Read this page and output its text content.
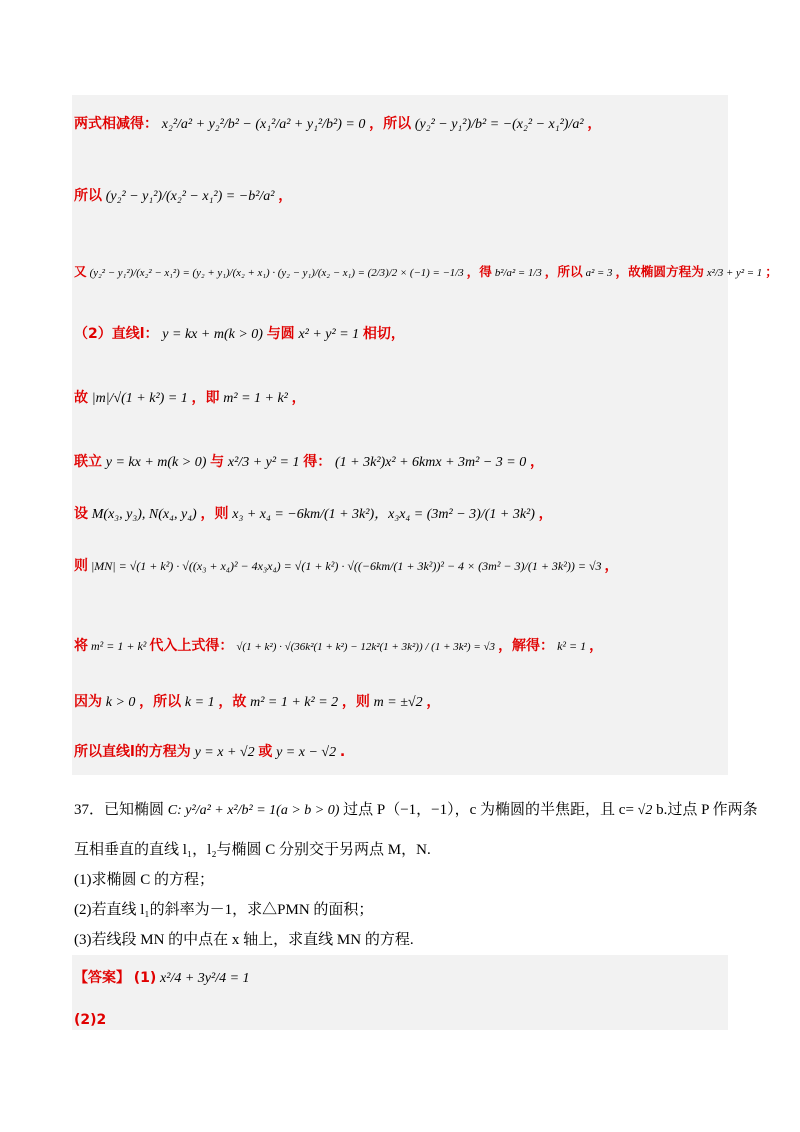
两式相减得： x₂²/a² + y₂²/b² − (x₁²/a² + y₁²/b²) = 0 ，所以 (y₂² − y₁²)/b² = −(x₂² − x₁²)/a² ，
所以 (y₂² − y₁²)/(x₂² − x₁²) = −b²/a² ，
又 (y₂² − y₁²)/(x₂² − x₁²) = (y₂ + y₁)/(x₂ + x₁) · (y₂ − y₁)/(x₂ − x₁) = (2/3)/2 × (−1) = −1/3 ，得 b²/a² = 1/3 ，所以 a² = 3 ，故椭圆方程为 x²/3 + y² = 1 ；
（2）直线l： y = kx + m(k > 0) 与圆 x² + y² = 1 相切，
故 |m|/√(1 + k²) = 1 ，即 m² = 1 + k² ，
联立 y = kx + m(k > 0) 与 x²/3 + y² = 1 得： (1 + 3k²)x² + 6kmx + 3m² − 3 = 0 ，
设 M(x₃, y₃), N(x₄, y₄) ，则 x₃ + x₄ = −6km/(1 + 3k²)，x₃x₄ = (3m² − 3)/(1 + 3k²) ，
则 |MN| = √(1 + k²) · √((x₃ + x₄)² − 4x₃x₄) = √(1 + k²) · √((−6km/(1 + 3k²))² − 4 × (3m² − 3)/(1 + 3k²)) = √3 ，
将 m² = 1 + k² 代入上式得： √(1 + k²) · √(36k²(1 + k²) − 12k²(1 + 3k²)) / (1 + 3k²) = √3 ，解得： k² = 1 ，
因为 k > 0 ，所以 k = 1 ，故 m² = 1 + k² = 2 ，则 m = ±√2 ，
所以直线l的方程为 y = x + √2 或 y = x − √2 .
37．已知椭圆 C: y²/a² + x²/b² = 1(a > b > 0) 过点 P（−1，−1），c 为椭圆的半焦距，且 c= √2 b.过点 P 作两条
互相垂直的直线 l₁，l₂与椭圆 C 分别交于另两点 M，N.
(1)求椭圆 C 的方程；
(2)若直线 l₁的斜率为－1，求△PMN 的面积；
(3)若线段 MN 的中点在 x 轴上，求直线 MN 的方程.
【答案】 (1) x²/4 + 3y²/4 = 1
(2)2
